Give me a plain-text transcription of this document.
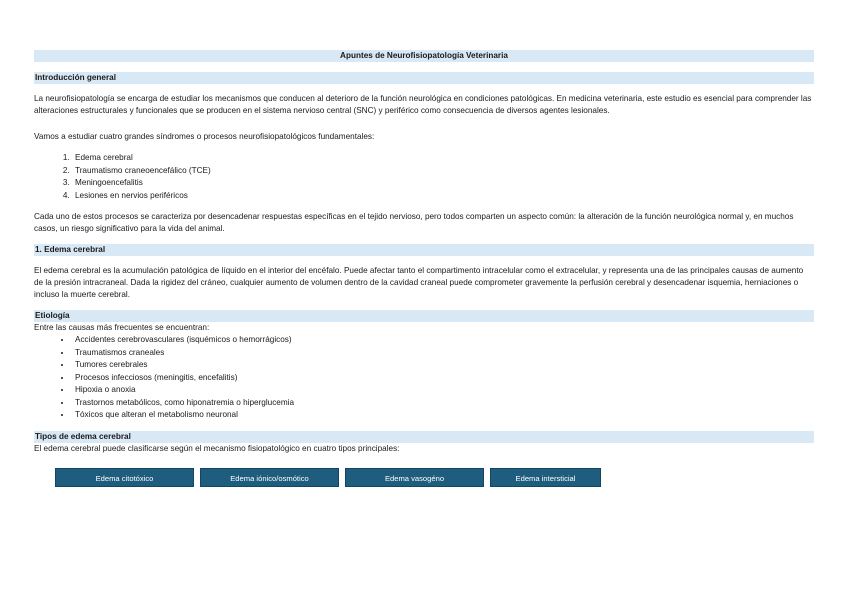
Apuntes de Neurofisiopatología Veterinaria
Introducción general

La neurofisiopatología se encarga de estudiar los mecanismos que conducen al deterioro de la función neurológica en condiciones patológicas. En medicina veterinaria, este estudio es esencial para comprender las alteraciones estructurales y funcionales que se producen en el sistema nervioso central (SNC) y periférico como consecuencia de diversos agentes lesionales.

Vamos a estudiar cuatro grandes síndromes o procesos neurofisiopatológicos fundamentales:

1. Edema cerebral
2. Traumatismo craneoencefálico (TCE)
3. Meningoencefalitis
4. Lesiones en nervios periféricos

Cada uno de estos procesos se caracteriza por desencadenar respuestas específicas en el tejido nervioso, pero todos comparten un aspecto común: la alteración de la función neurológica normal y, en muchos casos, un riesgo significativo para la vida del animal.

1. Edema cerebral

El edema cerebral es la acumulación patológica de líquido en el interior del encéfalo. Puede afectar tanto el compartimento intracelular como el extracelular, y representa una de las principales causas de aumento de la presión intracraneal. Dada la rigidez del cráneo, cualquier aumento de volumen dentro de la cavidad craneal puede comprometer gravemente la perfusión cerebral y desencadenar isquemia, herniaciones o incluso la muerte cerebral.

Etiología

Entre las causas más frecuentes se encuentran:

• Accidentes cerebrovasculares (isquémicos o hemorrágicos)
• Traumatismos craneales
• Tumores cerebrales
• Procesos infecciosos (meningitis, encefalitis)
• Hipoxia o anoxia
• Trastornos metabólicos, como hiponatremia o hiperglucemia
• Tóxicos que alteran el metabolismo neuronal
Tipos de edema cerebral

El edema cerebral puede clasificarse según el mecanismo fisiopatológico en cuatro tipos principales:

Edema citotóxico	Edema iónico/osmótico	Edema vasogéno	Edema intersticial
